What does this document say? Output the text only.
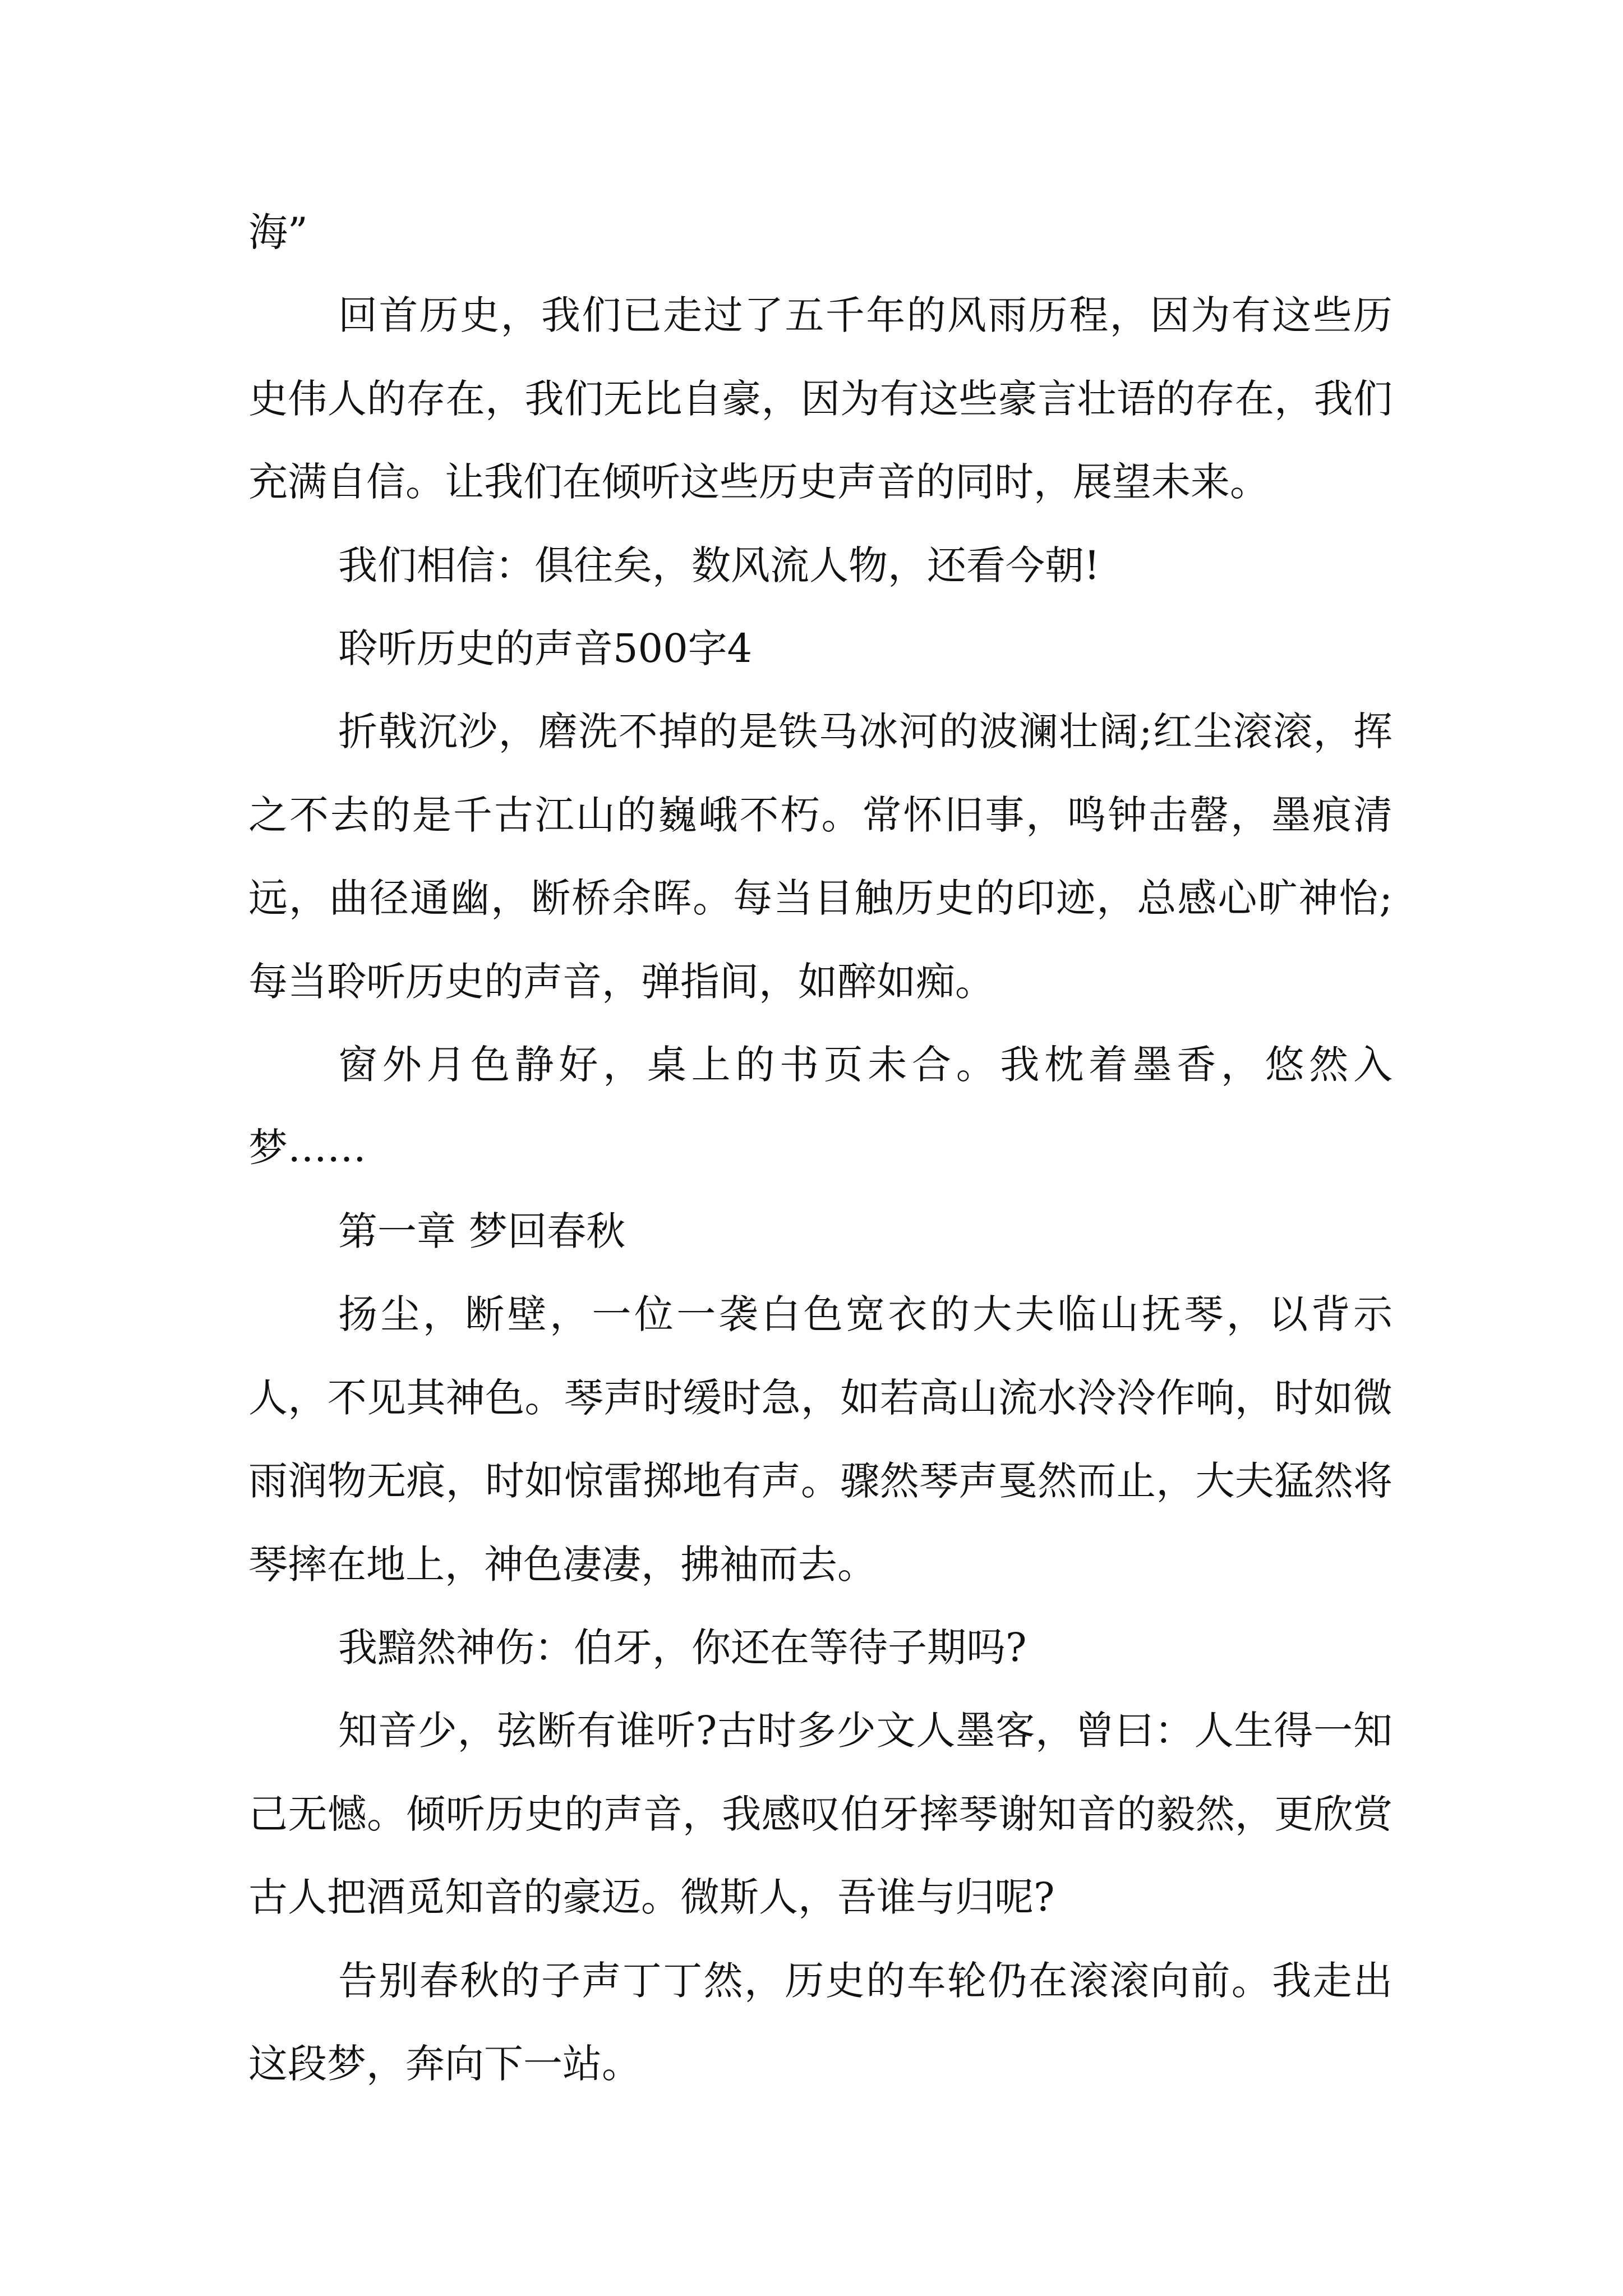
海”

回首历史，我们已走过了五千年的风雨历程，因为有这些历史伟人的存在，我们无比自豪，因为有这些豪言壮语的存在，我们充满自信。让我们在倾听这些历史声音的同时，展望未来。

我们相信：俱往矣，数风流人物，还看今朝!

聆听历史的声音500字4

折戟沉沙，磨洗不掉的是铁马冰河的波澜壮阔;红尘滚滚，挥之不去的是千古江山的巍峨不朽。常怀旧事，鸣钟击罄，墨痕清远，曲径通幽，断桥余晖。每当目触历史的印迹，总感心旷神怡;每当聆听历史的声音，弹指间，如醉如痴。

窗外月色静好，桌上的书页未合。我枕着墨香，悠然入梦……

第一章 梦回春秋

扬尘，断壁，一位一袭白色宽衣的大夫临山抚琴，以背示人，不见其神色。琴声时缓时急，如若高山流水泠泠作响，时如微雨润物无痕，时如惊雷掷地有声。骤然琴声戛然而止，大夫猛然将琴摔在地上，神色凄凄，拂袖而去。

我黯然神伤：伯牙，你还在等待子期吗?

知音少，弦断有谁听?古时多少文人墨客，曾曰：人生得一知己无憾。倾听历史的声音，我感叹伯牙摔琴谢知音的毅然，更欣赏古人把酒觅知音的豪迈。微斯人，吾谁与归呢?

告别春秋的子声丁丁然，历史的车轮仍在滚滚向前。我走出这段梦，奔向下一站。
